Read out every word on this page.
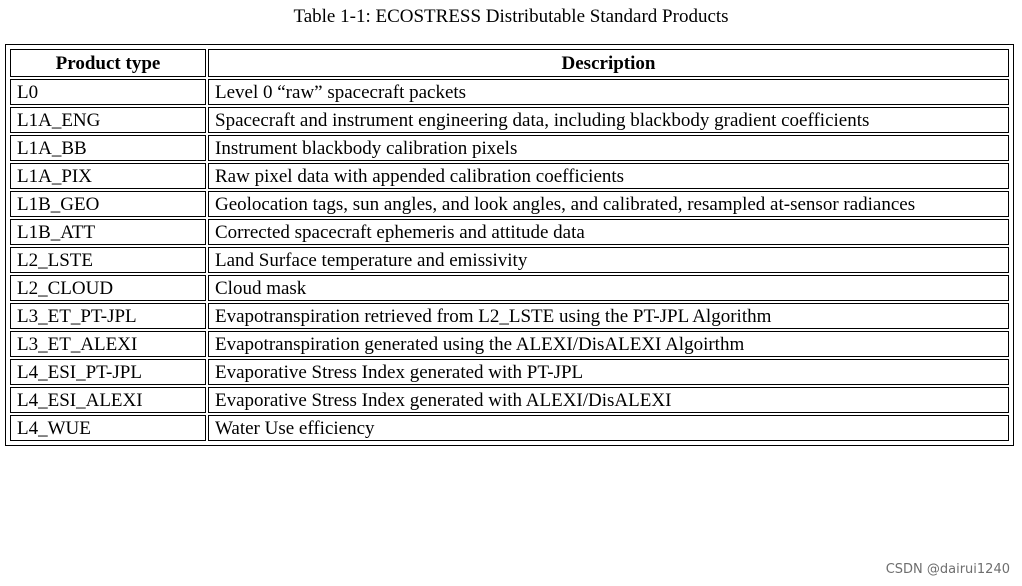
Table 1-1: ECOSTRESS Distributable Standard Products
Product type	Description
L0	Level 0 “raw” spacecraft packets
L1A_ENG	Spacecraft and instrument engineering data, including blackbody gradient coefficients
L1A_BB	Instrument blackbody calibration pixels
L1A_PIX	Raw pixel data with appended calibration coefficients
L1B_GEO	Geolocation tags, sun angles, and look angles, and calibrated, resampled at-sensor radiances
L1B_ATT	Corrected spacecraft ephemeris and attitude data
L2_LSTE	Land Surface temperature and emissivity
L2_CLOUD	Cloud mask
L3_ET_PT-JPL	Evapotranspiration retrieved from L2_LSTE using the PT-JPL Algorithm
L3_ET_ALEXI	Evapotranspiration generated using the ALEXI/DisALEXI Algoirthm
L4_ESI_PT-JPL	Evaporative Stress Index generated with PT-JPL
L4_ESI_ALEXI	Evaporative Stress Index generated with ALEXI/DisALEXI
L4_WUE	Water Use efficiency
CSDN @dairui1240
